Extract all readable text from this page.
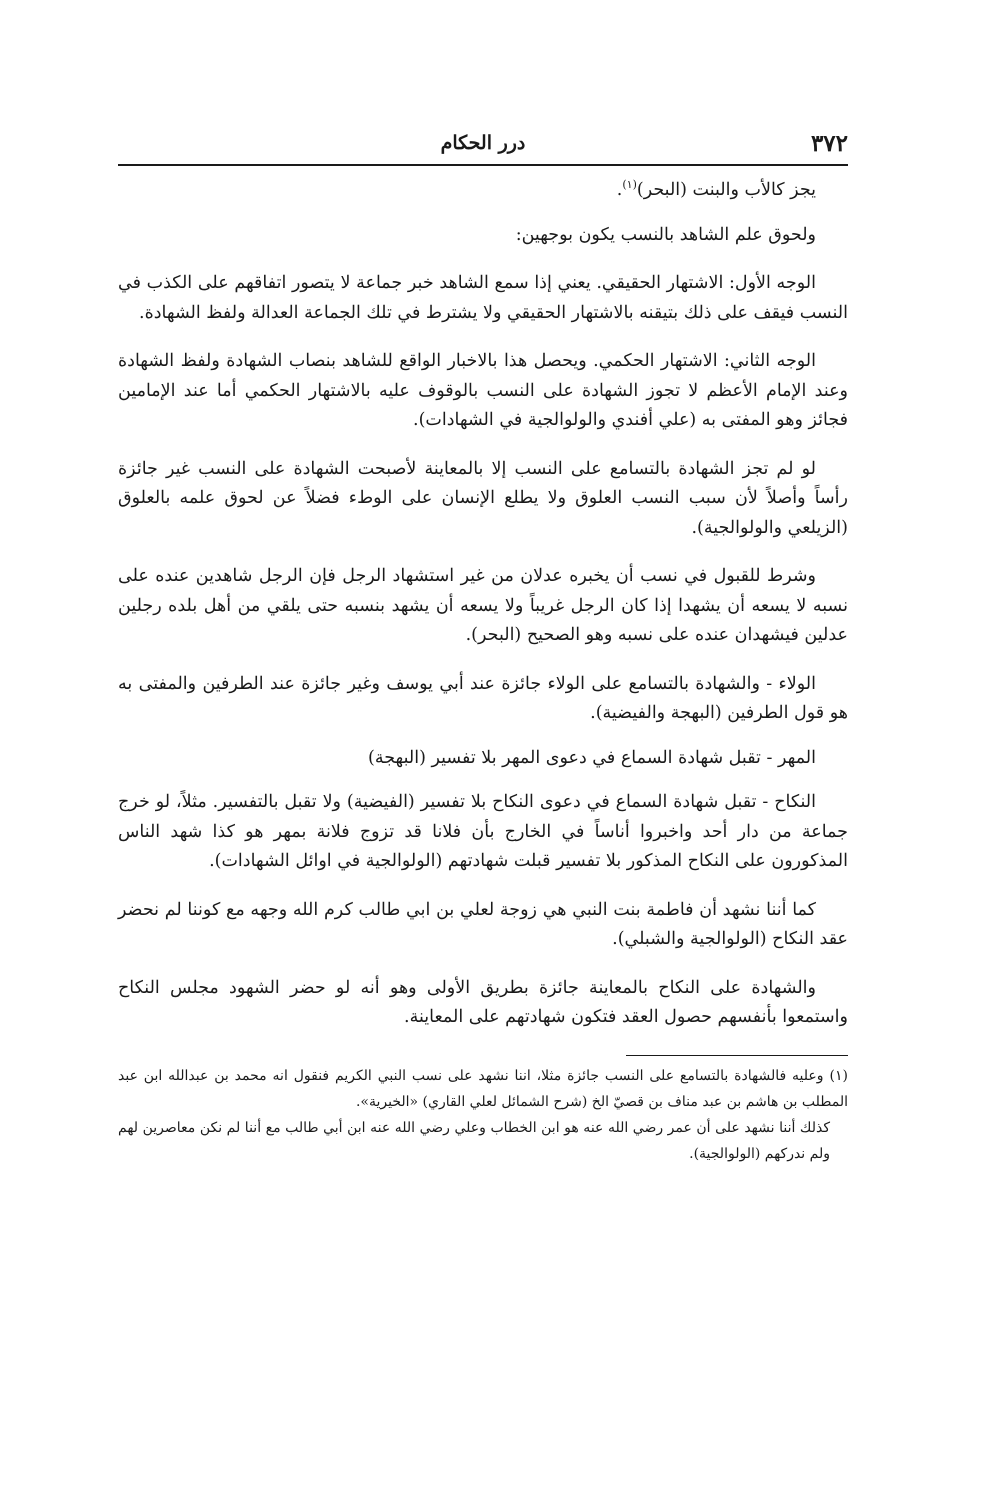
٣٧٢
درر الحكام

يجز كالأب والبنت (البحر)$^{(١)}$.

ولحوق علم الشاهد بالنسب يكون بوجهين:

الوجه الأول: الاشتهار الحقيقي. يعني إذا سمع الشاهد خبر جماعة لا يتصور اتفاقهم على الكذب في النسب فيقف على ذلك بتيقنه بالاشتهار الحقيقي ولا يشترط في تلك الجماعة العدالة ولفظ الشهادة.

الوجه الثاني: الاشتهار الحكمي. ويحصل هذا بالاخبار الواقع للشاهد بنصاب الشهادة ولفظ الشهادة وعند الإمام الأعظم لا تجوز الشهادة على النسب بالوقوف عليه بالاشتهار الحكمي أما عند الإمامين فجائز وهو المفتى به (علي أفندي والولوالجية في الشهادات).

لو لم تجز الشهادة بالتسامع على النسب إلا بالمعاينة لأصبحت الشهادة على النسب غير جائزة رأساً وأصلاً لأن سبب النسب العلوق ولا يطلع الإنسان على الوطء فضلاً عن لحوق علمه بالعلوق (الزيلعي والولوالجية).

وشرط للقبول في نسب أن يخبره عدلان من غير استشهاد الرجل فإن الرجل شاهدين عنده على نسبه لا يسعه أن يشهدا إذا كان الرجل غريباً ولا يسعه أن يشهد بنسبه حتى يلقي من أهل بلده رجلين عدلين فيشهدان عنده على نسبه وهو الصحيح (البحر).

الولاء - والشهادة بالتسامع على الولاء جائزة عند أبي يوسف وغير جائزة عند الطرفين والمفتى به هو قول الطرفين (البهجة والفيضية).

المهر - تقبل شهادة السماع في دعوى المهر بلا تفسير (البهجة)

النكاح - تقبل شهادة السماع في دعوى النكاح بلا تفسير (الفيضية) ولا تقبل بالتفسير. مثلاً، لو خرج جماعة من دار أحد واخبروا أناساً في الخارج بأن فلانا قد تزوج فلانة بمهر هو كذا شهد الناس المذكورون على النكاح المذكور بلا تفسير قبلت شهادتهم (الولوالجية في اوائل الشهادات).

كما أننا نشهد أن فاطمة بنت النبي هي زوجة لعلي بن ابي طالب كرم الله وجهه مع كوننا لم نحضر عقد النكاح (الولوالجية والشبلي).

والشهادة على النكاح بالمعاينة جائزة بطريق الأولى وهو أنه لو حضر الشهود مجلس النكاح واستمعوا بأنفسهم حصول العقد فتكون شهادتهم على المعاينة.

(١)وعليه فالشهادة بالتسامع على النسب جائزة مثلا، اننا نشهد على نسب النبي الكريم فنقول انه محمد بن عبدالله ابن عبد المطلب بن هاشم بن عبد مناف بن قصيّ الخ (شرح الشمائل لعلي القاري) «الخيرية».

كذلك أننا نشهد على أن عمر رضي الله عنه هو ابن الخطاب وعلي رضي الله عنه ابن أبي طالب مع أننا لم نكن معاصرين لهم ولم ندركهم (الولوالجية).
